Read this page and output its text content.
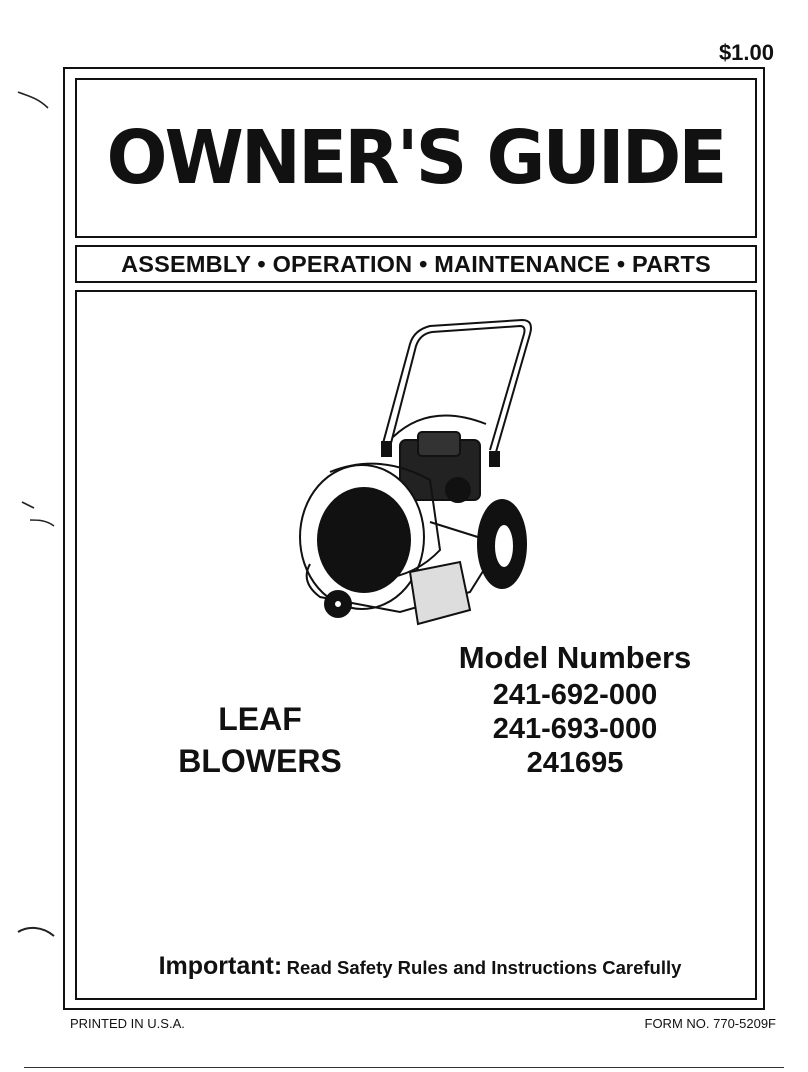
$1.00
OWNER'S GUIDE
ASSEMBLY • OPERATION • MAINTENANCE • PARTS
Model Numbers
241-692-000
241-693-000
241695
LEAF
BLOWERS
Important: Read Safety Rules and Instructions Carefully
PRINTED IN U.S.A.	FORM NO. 770-5209F
